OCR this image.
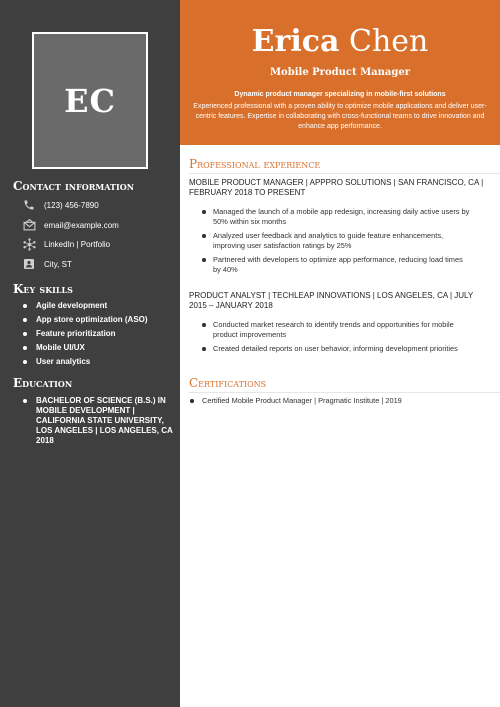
EC
Contact information
(123) 456-7890
email@example.com
LinkedIn | Portfolio
City, ST
Key skills
Agile development
App store optimization (ASO)
Feature prioritization
Mobile UI/UX
User analytics
Education
BACHELOR OF SCIENCE (B.S.) IN MOBILE DEVELOPMENT | CALIFORNIA STATE UNIVERSITY, LOS ANGELES | LOS ANGELES, CA 2018
Erica Chen
Mobile Product Manager
Dynamic product manager specializing in mobile-first solutions
Experienced professional with a proven ability to optimize mobile applications and deliver user-centric features. Expertise in collaborating with cross-functional teams to drive innovation and enhance app performance.
Professional experience
MOBILE PRODUCT MANAGER | APPPRO SOLUTIONS | SAN FRANCISCO, CA | FEBRUARY 2018 TO PRESENT
Managed the launch of a mobile app redesign, increasing daily active users by 50% within six months
Analyzed user feedback and analytics to guide feature enhancements, improving user satisfaction ratings by 25%
Partnered with developers to optimize app performance, reducing load times by 40%
PRODUCT ANALYST | TECHLEAP INNOVATIONS | LOS ANGELES, CA | JULY 2015 – JANUARY 2018
Conducted market research to identify trends and opportunities for mobile product improvements
Created detailed reports on user behavior, informing development priorities
Certifications
Certified Mobile Product Manager | Pragmatic Institute | 2019
